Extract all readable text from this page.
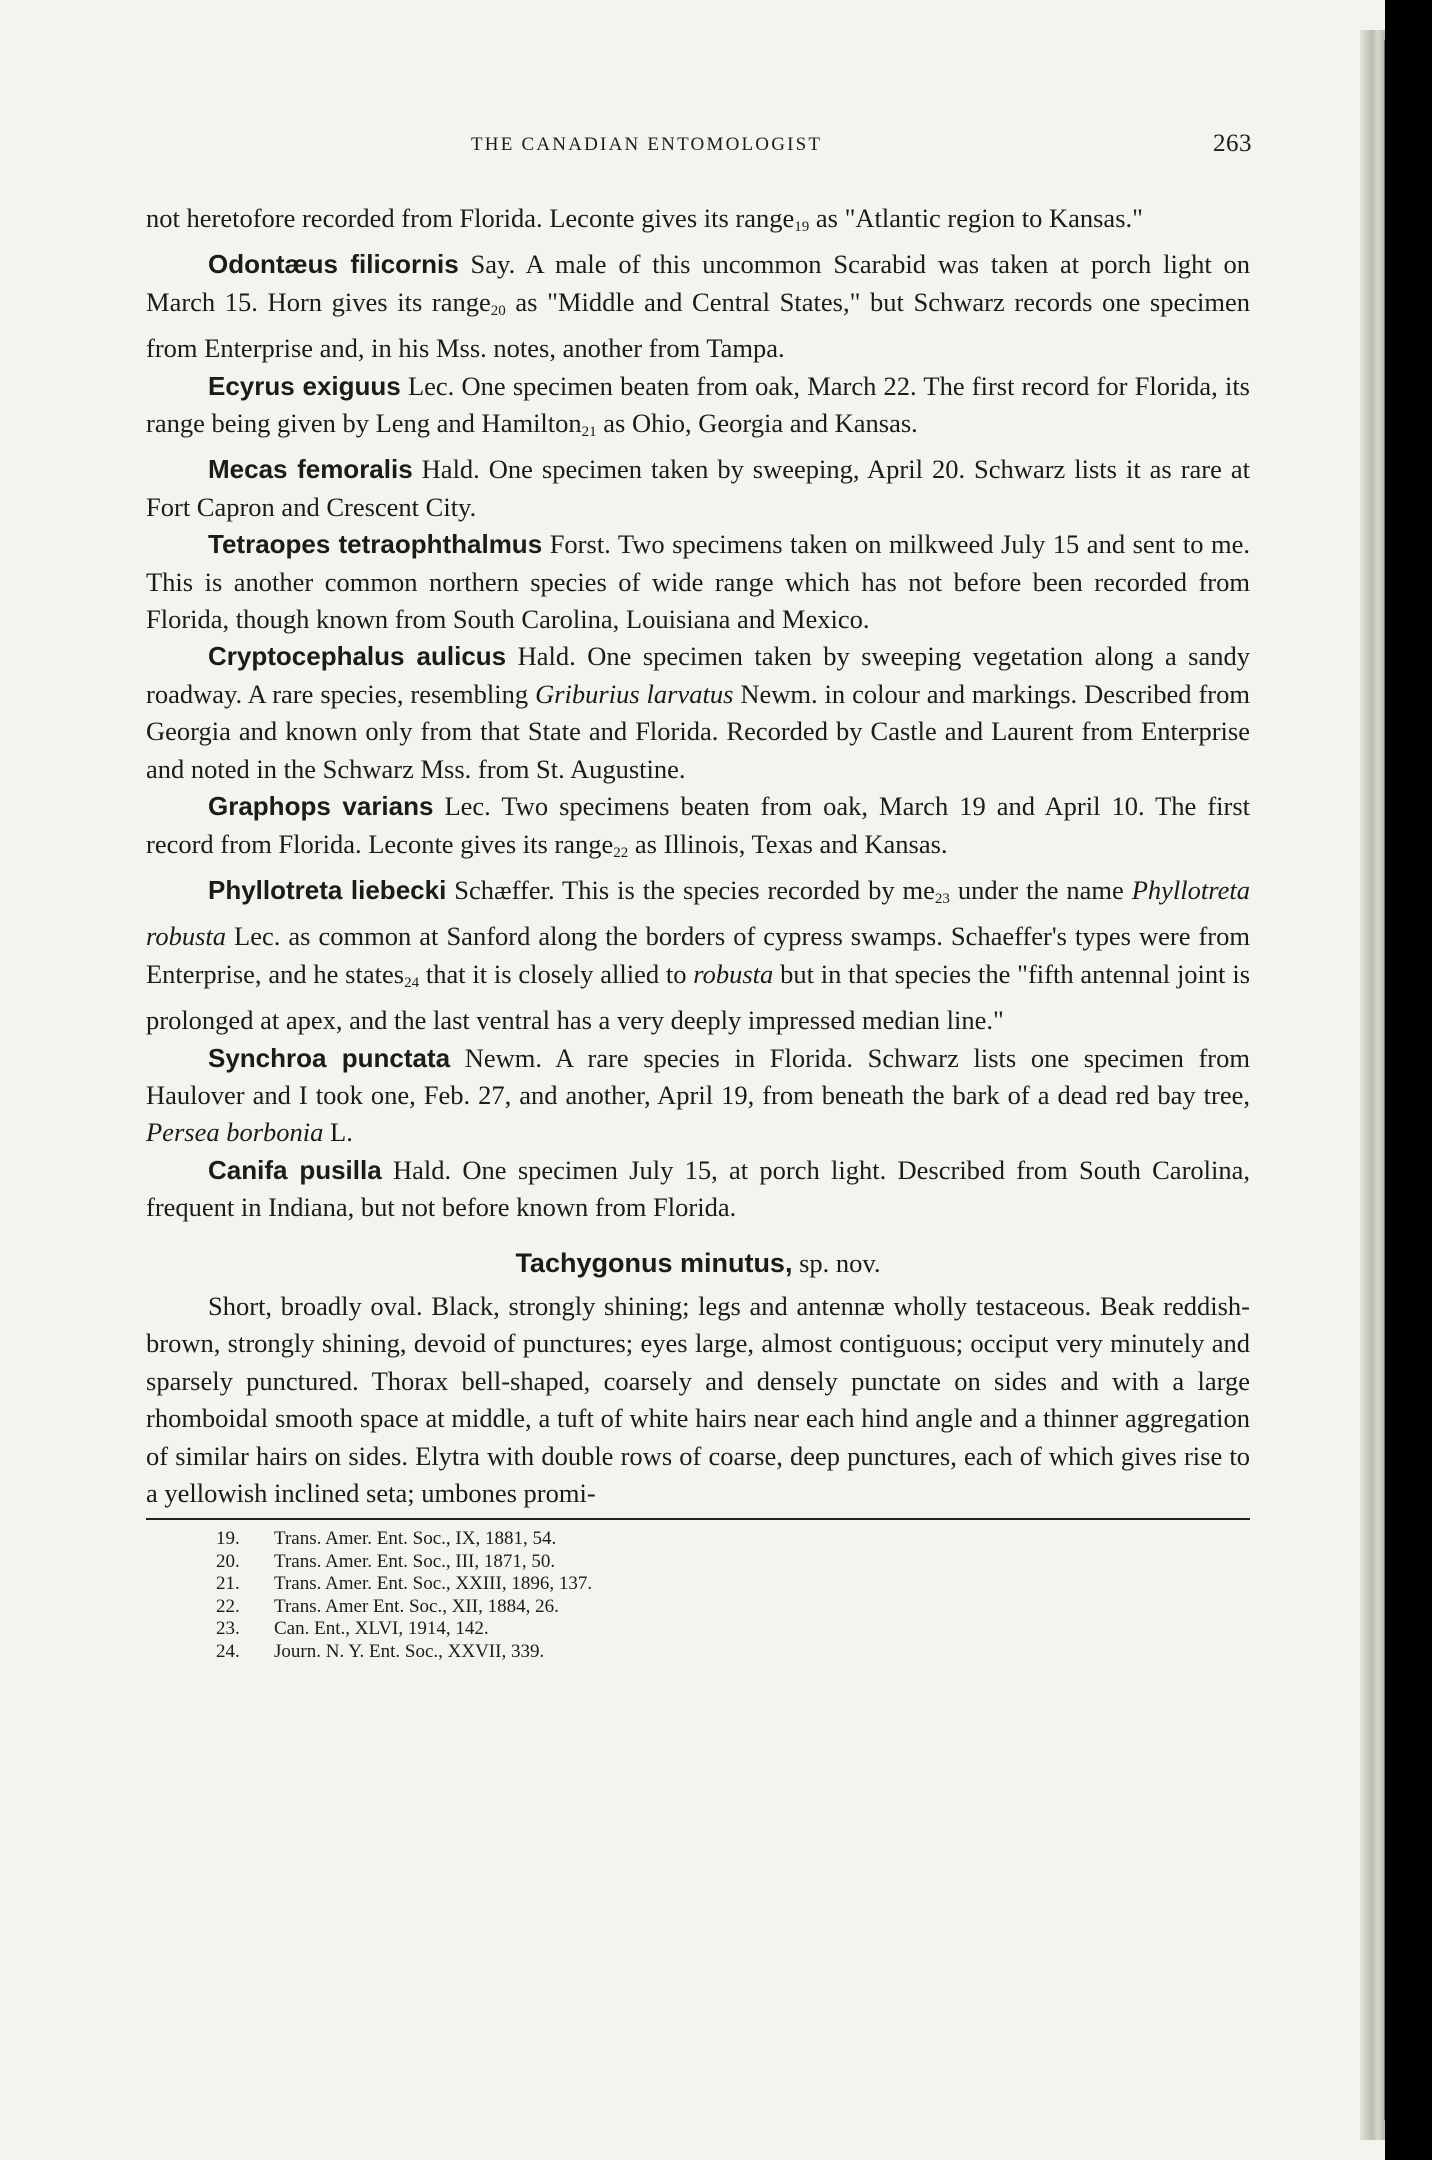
THE CANADIAN ENTOMOLOGIST	263

not heretofore recorded from Florida. Leconte gives its range$_{19}$ as "Atlantic region to Kansas."

Odontæus filicornis Say. A male of this uncommon Scarabid was taken at porch light on March 15. Horn gives its range$_{20}$ as "Middle and Central States," but Schwarz records one specimen from Enterprise and, in his Mss. notes, another from Tampa.

Ecyrus exiguus Lec. One specimen beaten from oak, March 22. The first record for Florida, its range being given by Leng and Hamilton$_{21}$ as Ohio, Georgia and Kansas.

Mecas femoralis Hald. One specimen taken by sweeping, April 20. Schwarz lists it as rare at Fort Capron and Crescent City.

Tetraopes tetraophthalmus Forst. Two specimens taken on milkweed July 15 and sent to me. This is another common northern species of wide range which has not before been recorded from Florida, though known from South Carolina, Louisiana and Mexico.

Cryptocephalus aulicus Hald. One specimen taken by sweeping vegetation along a sandy roadway. A rare species, resembling Griburius larvatus Newm. in colour and markings. Described from Georgia and known only from that State and Florida. Recorded by Castle and Laurent from Enterprise and noted in the Schwarz Mss. from St. Augustine.

Graphops varians Lec. Two specimens beaten from oak, March 19 and April 10. The first record from Florida. Leconte gives its range$_{22}$ as Illinois, Texas and Kansas.

Phyllotreta liebecki Schæffer. This is the species recorded by $me_{23}$ under the name Phyllotreta robusta Lec. as common at Sanford along the borders of cypress swamps. Schaeffer's types were from Enterprise, and he states$_{24}$ that it is closely allied to robusta but in that species the "fifth antennal joint is prolonged at apex, and the last ventral has a very deeply impressed median line."

Synchroa punctata Newm. A rare species in Florida. Schwarz lists one specimen from Haulover and I took one, Feb. 27, and another, April 19, from beneath the bark of a dead red bay tree, Persea borbonia L.

Canifa pusilla Hald. One specimen July 15, at porch light. Described from South Carolina, frequent in Indiana, but not before known from Florida.

Tachygonus minutus, sp. nov.

Short, broadly oval. Black, strongly shining; legs and antennæ wholly testaceous. Beak reddish-brown, strongly shining, devoid of punctures; eyes large, almost contiguous; occiput very minutely and sparsely punctured. Thorax bell-shaped, coarsely and densely punctate on sides and with a large rhomboidal smooth space at middle, a tuft of white hairs near each hind angle and a thinner aggregation of similar hairs on sides. Elytra with double rows of coarse, deep punctures, each of which gives rise to a yellowish inclined seta; umbones promi-

19.	Trans. Amer. Ent. Soc., IX, 1881, 54.
20.	Trans. Amer. Ent. Soc., III, 1871, 50.
21.	Trans. Amer. Ent. Soc., XXIII, 1896, 137.
22.	Trans. Amer Ent. Soc., XII, 1884, 26.
23.	Can. Ent., XLVI, 1914, 142.
24.	Journ. N. Y. Ent. Soc., XXVII, 339.
